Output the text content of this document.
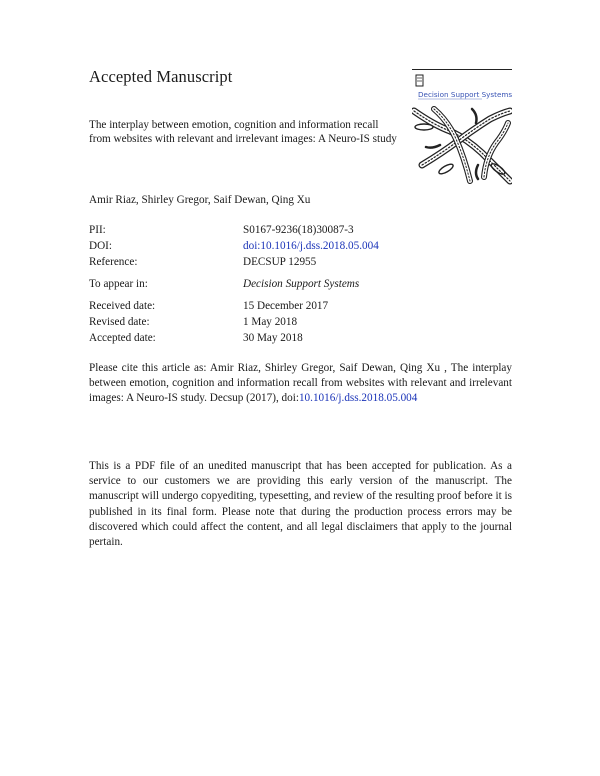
Accepted Manuscript
The interplay between emotion, cognition and information recall from websites with relevant and irrelevant images: A Neuro-IS study
Amir Riaz, Shirley Gregor, Saif Dewan, Qing Xu
PII:	S0167-9236(18)30087-3
DOI:	doi:10.1016/j.dss.2018.05.004
Reference:	DECSUP 12955
To appear in:	Decision Support Systems
Received date:	15 December 2017
Revised date:	1 May 2018
Accepted date:	30 May 2018

Please cite this article as: Amir Riaz, Shirley Gregor, Saif Dewan, Qing Xu , The interplay between emotion, cognition and information recall from websites with relevant and irrelevant images: A Neuro-IS study. Decsup (2017), doi:10.1016/j.dss.2018.05.004

This is a PDF file of an unedited manuscript that has been accepted for publication. As a service to our customers we are providing this early version of the manuscript. The manuscript will undergo copyediting, typesetting, and review of the resulting proof before it is published in its final form. Please note that during the production process errors may be discovered which could affect the content, and all legal disclaimers that apply to the journal pertain.

Decision Support Systems
